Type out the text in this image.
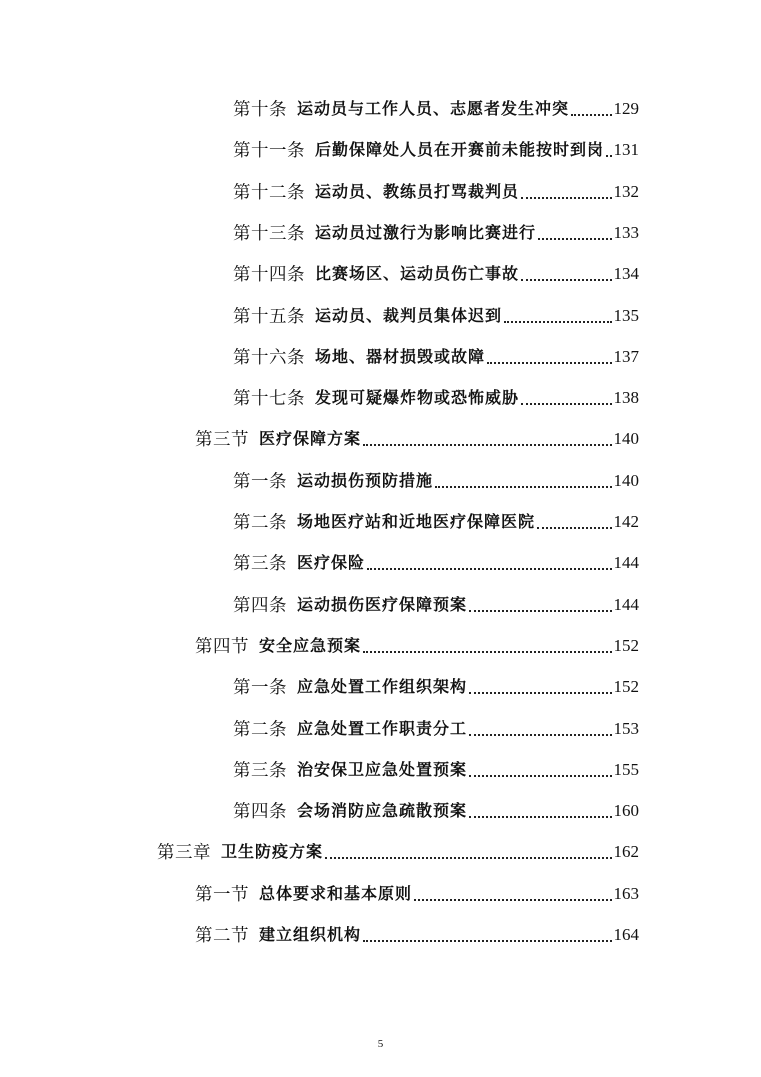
第十条 运动员与工作人员、志愿者发生冲突	129
第十一条 后勤保障处人员在开赛前未能按时到岗 131
第十二条 运动员、教练员打骂裁判员	132
第十三条 运动员过激行为影响比赛进行	133
第十四条 比赛场区、运动员伤亡事故	134
第十五条 运动员、裁判员集体迟到	135
第十六条 场地、器材损毁或故障	137
第十七条 发现可疑爆炸物或恐怖威胁	138
第三节 医疗保障方案	140
第一条 运动损伤预防措施	140
第二条 场地医疗站和近地医疗保障医院	142
第三条 医疗保险	144
第四条 运动损伤医疗保障预案	144
第四节 安全应急预案	152
第一条 应急处置工作组织架构	152
第二条 应急处置工作职责分工	153
第三条 治安保卫应急处置预案	155
第四条 会场消防应急疏散预案	160
第三章 卫生防疫方案	162
第一节 总体要求和基本原则	163
第二节 建立组织机构	164
5
